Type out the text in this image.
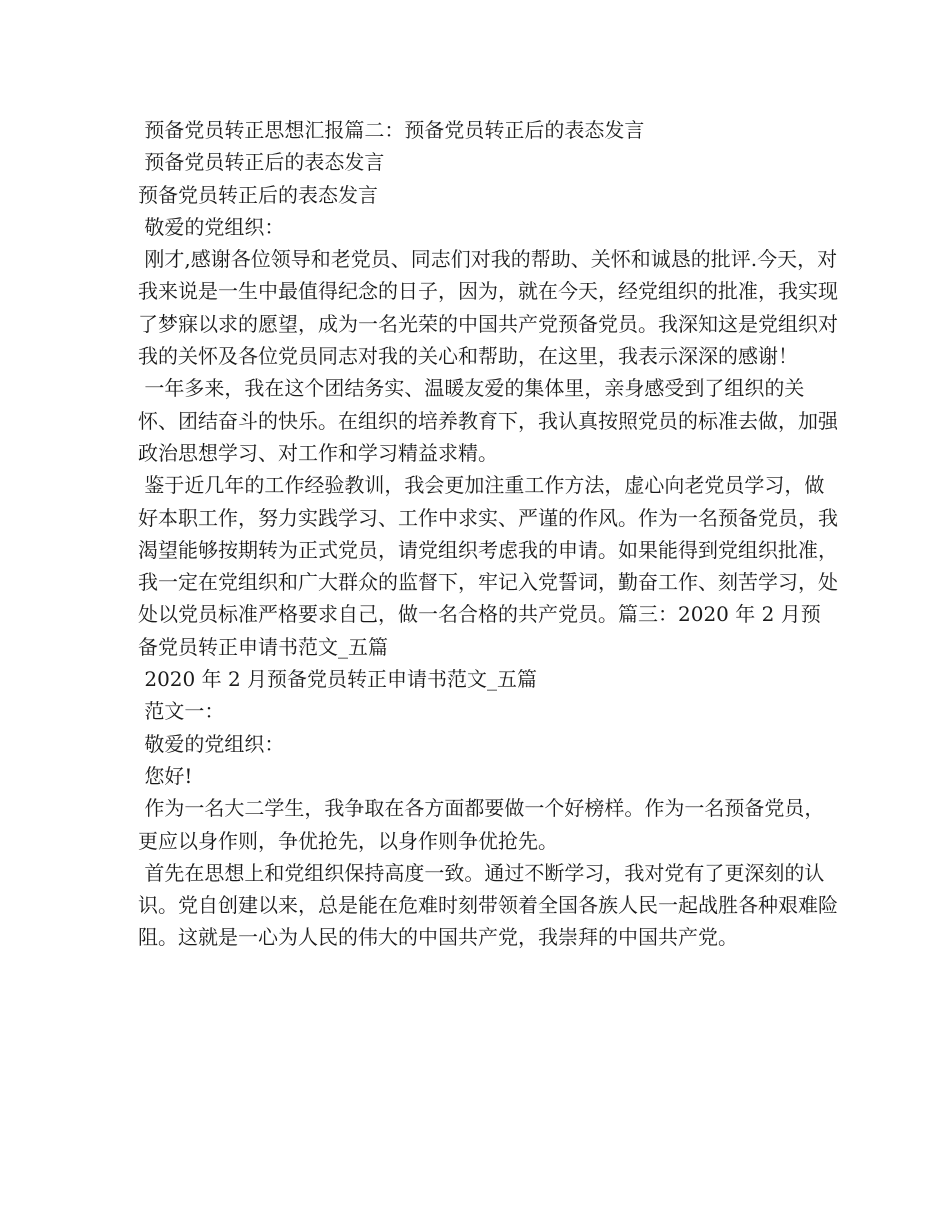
预备党员转正思想汇报篇二：预备党员转正后的表态发言

预备党员转正后的表态发言

预备党员转正后的表态发言

敬爱的党组织：

刚才,感谢各位领导和老党员、同志们对我的帮助、关怀和诚恳的批评.今天，对我来说是一生中最值得纪念的日子，因为，就在今天，经党组织的批准，我实现了梦寐以求的愿望，成为一名光荣的中国共产党预备党员。我深知这是党组织对我的关怀及各位党员同志对我的关心和帮助，在这里，我表示深深的感谢！

一年多来，我在这个团结务实、温暖友爱的集体里，亲身感受到了组织的关怀、团结奋斗的快乐。在组织的培养教育下，我认真按照党员的标准去做，加强政治思想学习、对工作和学习精益求精。

鉴于近几年的工作经验教训，我会更加注重工作方法，虚心向老党员学习，做好本职工作，努力实践学习、工作中求实、严谨的作风。作为一名预备党员，我渴望能够按期转为正式党员，请党组织考虑我的申请。如果能得到党组织批准，我一定在党组织和广大群众的监督下，牢记入党誓词，勤奋工作、刻苦学习，处处以党员标准严格要求自己，做一名合格的共产党员。篇三：2020 年 2 月预备党员转正申请书范文_五篇

2020 年 2 月预备党员转正申请书范文_五篇

范文一：

敬爱的党组织：

您好!

作为一名大二学生，我争取在各方面都要做一个好榜样。作为一名预备党员，更应以身作则，争优抢先，以身作则争优抢先。

首先在思想上和党组织保持高度一致。通过不断学习，我对党有了更深刻的认识。党自创建以来，总是能在危难时刻带领着全国各族人民一起战胜各种艰难险阻。这就是一心为人民的伟大的中国共产党，我崇拜的中国共产党。
